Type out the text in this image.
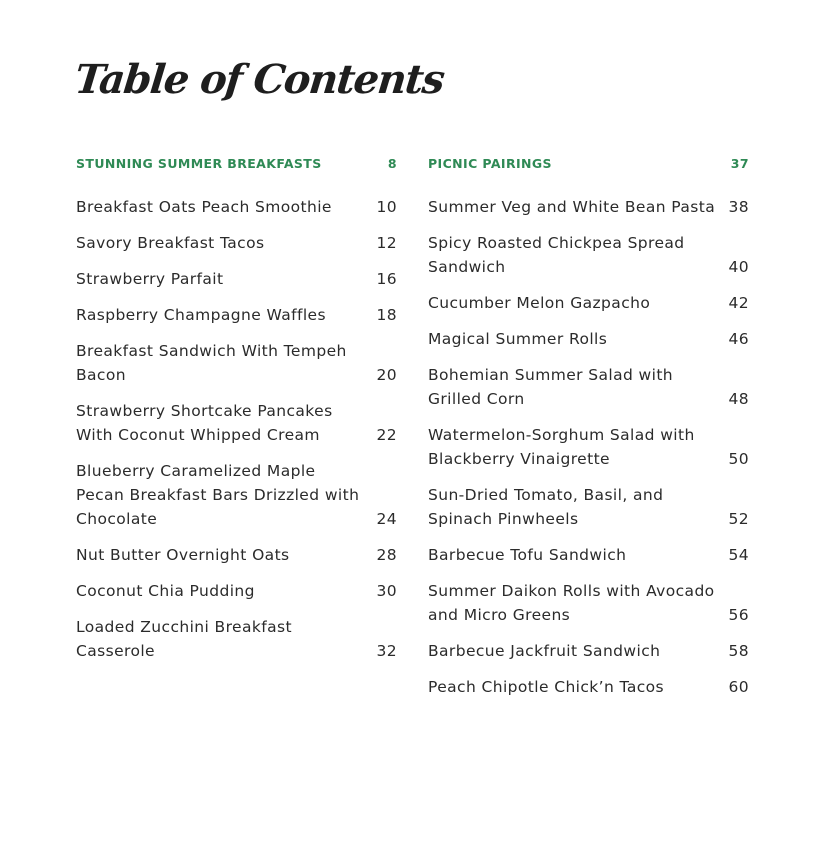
Table of Contents
STUNNING SUMMER BREAKFASTS	8
Breakfast Oats Peach Smoothie	10
Savory Breakfast Tacos	12
Strawberry Parfait	16
Raspberry Champagne Waffles	18
Breakfast Sandwich With Tempeh Bacon	20
Strawberry Shortcake Pancakes With Coconut Whipped Cream	22
Blueberry Caramelized Maple Pecan Breakfast Bars Drizzled with Chocolate	24
Nut Butter Overnight Oats	28
Coconut Chia Pudding	30
Loaded Zucchini Breakfast Casserole	32
PICNIC PAIRINGS	37
Summer Veg and White Bean Pasta 38
Spicy Roasted Chickpea Spread Sandwich	40
Cucumber Melon Gazpacho	42
Magical Summer Rolls	46
Bohemian Summer Salad with Grilled Corn	48
Watermelon-Sorghum Salad with Blackberry Vinaigrette	50
Sun-Dried Tomato, Basil, and Spinach Pinwheels	52
Barbecue Tofu Sandwich	54
Summer Daikon Rolls with Avocado and Micro Greens	56
Barbecue Jackfruit Sandwich	58
Peach Chipotle Chick’n Tacos	60
